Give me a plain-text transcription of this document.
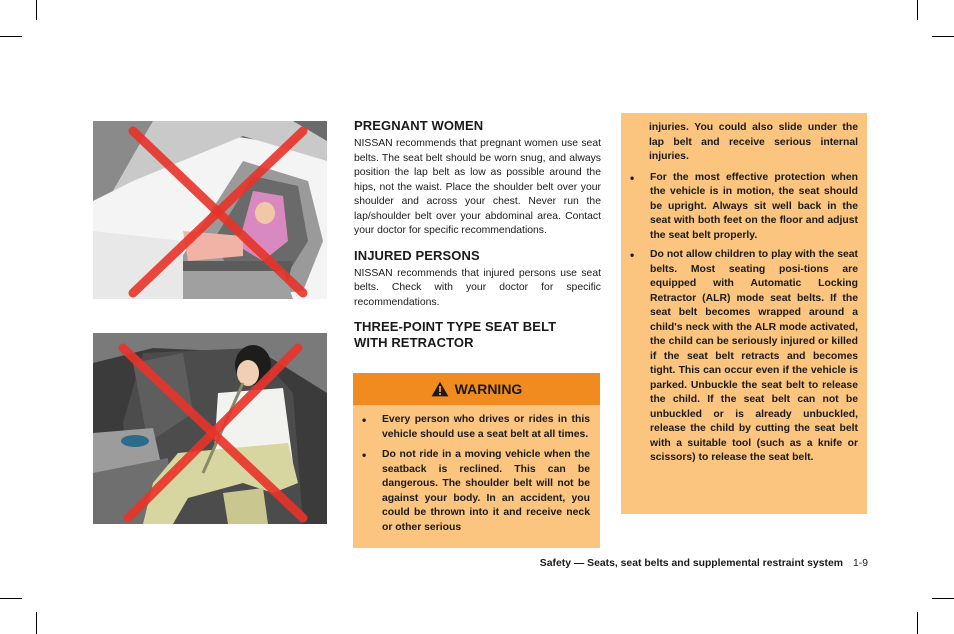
PREGNANT WOMEN

NISSAN recommends that pregnant women use seat belts. The seat belt should be worn snug, and always position the lap belt as low as possible around the hips, not the waist. Place the shoulder belt over your shoulder and across your chest. Never run the lap/shoulder belt over your abdominal area. Contact your doctor for specific recommendations.

INJURED PERSONS

NISSAN recommends that injured persons use seat belts. Check with your doctor for specific recommendations.

THREE-POINT TYPE SEAT BELT
WITH RETRACTOR
WARNING
• Every person who drives or rides in this vehicle should use a seat belt at all times.
• Do not ride in a moving vehicle when the seatback is reclined. This can be dangerous. The shoulder belt will not be against your body. In an accident, you could be thrown into it and receive neck or other serious

injuries. You could also slide under the lap belt and receive serious internal injuries.

• For the most effective protection when the vehicle is in motion, the seat should be upright. Always sit well back in the seat with both feet on the floor and adjust the seat belt properly.
• Do not allow children to play with the seat belts. Most seating posi-tions are equipped with Automatic Locking Retractor (ALR) mode seat belts. If the seat belt becomes wrapped around a child's neck with the ALR mode activated, the child can be seriously injured or killed if the seat belt retracts and becomes tight. This can occur even if the vehicle is parked. Unbuckle the seat belt to release the child. If the seat belt can not be unbuckled or is already unbuckled, release the child by cutting the seat belt with a suitable tool (such as a knife or scissors) to release the seat belt.
Safety — Seats, seat belts and supplemental restraint system 1-9
